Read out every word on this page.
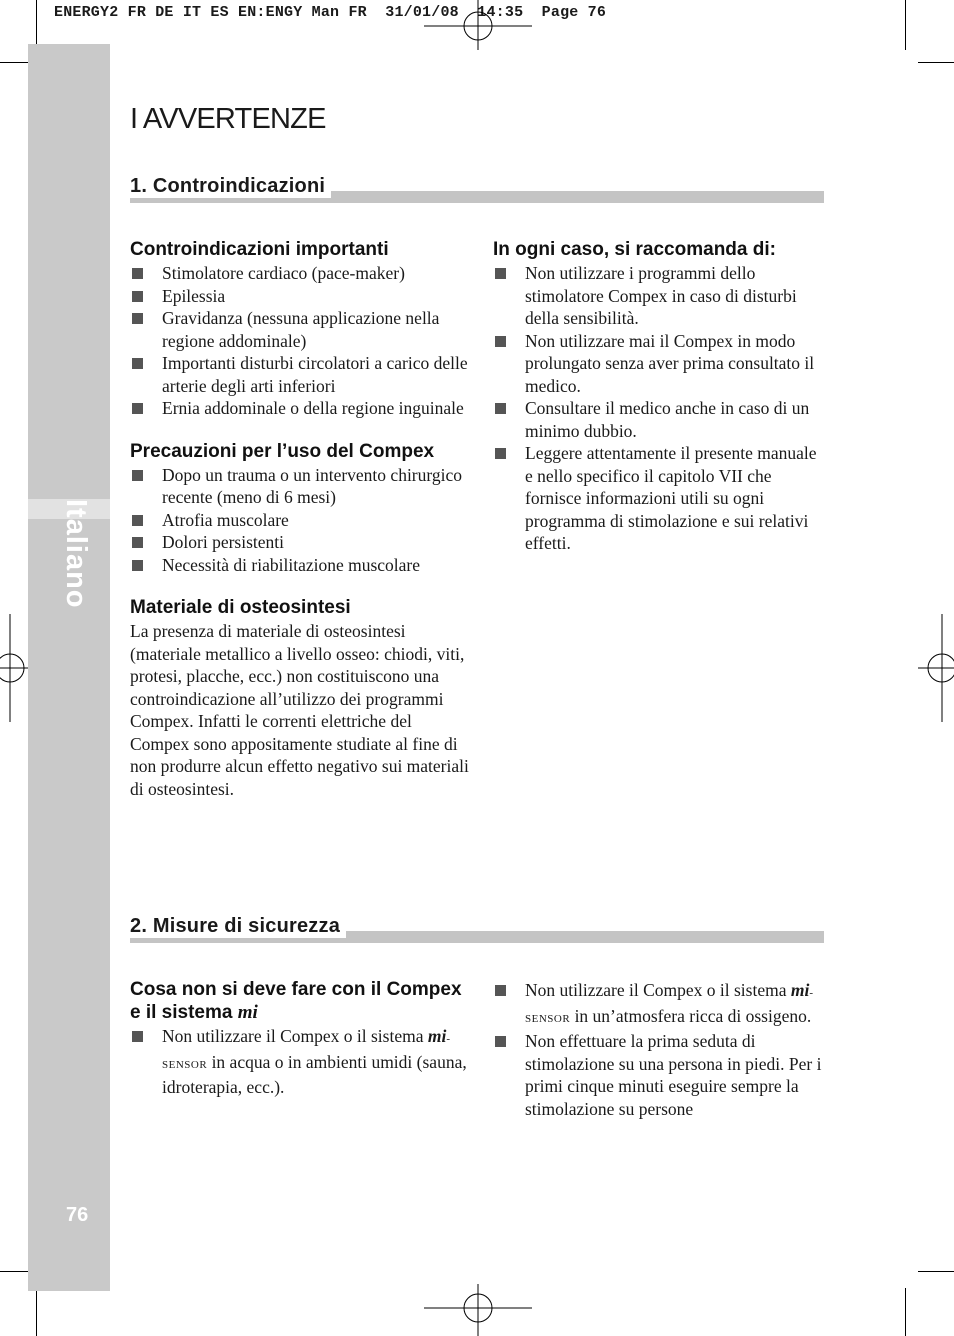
ENERGY2 FR DE IT ES EN:ENGY Man FR  31/01/08  14:35  Page 76
Italiano
76
I AVVERTENZE
1. Controindicazioni
Controindicazioni importanti
Stimolatore cardiaco (pace-maker)
Epilessia
Gravidanza (nessuna applicazione nella regione addominale)
Importanti disturbi circolatori a carico delle arterie degli arti inferiori
Ernia addominale o della regione inguinale
Precauzioni per l’uso del Compex
Dopo un trauma o un intervento chirurgico recente (meno di 6 mesi)
Atrofia muscolare
Dolori persistenti
Necessità di riabilitazione muscolare
Materiale di osteosintesi

La presenza di materiale di osteosintesi (materiale metallico a livello osseo: chiodi, viti, protesi, placche, ecc.) non costituiscono una controindicazione all’utilizzo dei programmi Compex. Infatti le correnti elettriche del Compex sono appositamente studiate al fine di non produrre alcun effetto negativo sui materiali di osteosintesi.

In ogni caso, si raccomanda di:
Non utilizzare i programmi dello stimolatore Compex in caso di disturbi della sensibilità.
Non utilizzare mai il Compex in modo prolungato senza aver prima consultato il medico.
Consultare il medico anche in caso di un minimo dubbio.
Leggere attentamente il presente manuale e nello specifico il capitolo VII che fornisce informazioni utili su ogni programma di stimolazione e sui relativi effetti.
2. Misure di sicurezza
Cosa non si deve fare con il Compex e il sistema mi
Non utilizzare il Compex o il sistema mi-SENSOR in acqua o in ambienti umidi (sauna, idroterapia, ecc.).
Non utilizzare il Compex o il sistema mi-SENSOR in un’atmosfera ricca di ossigeno.
Non effettuare la prima seduta di stimolazione su una persona in piedi. Per i primi cinque minuti eseguire sempre la stimolazione su persone
